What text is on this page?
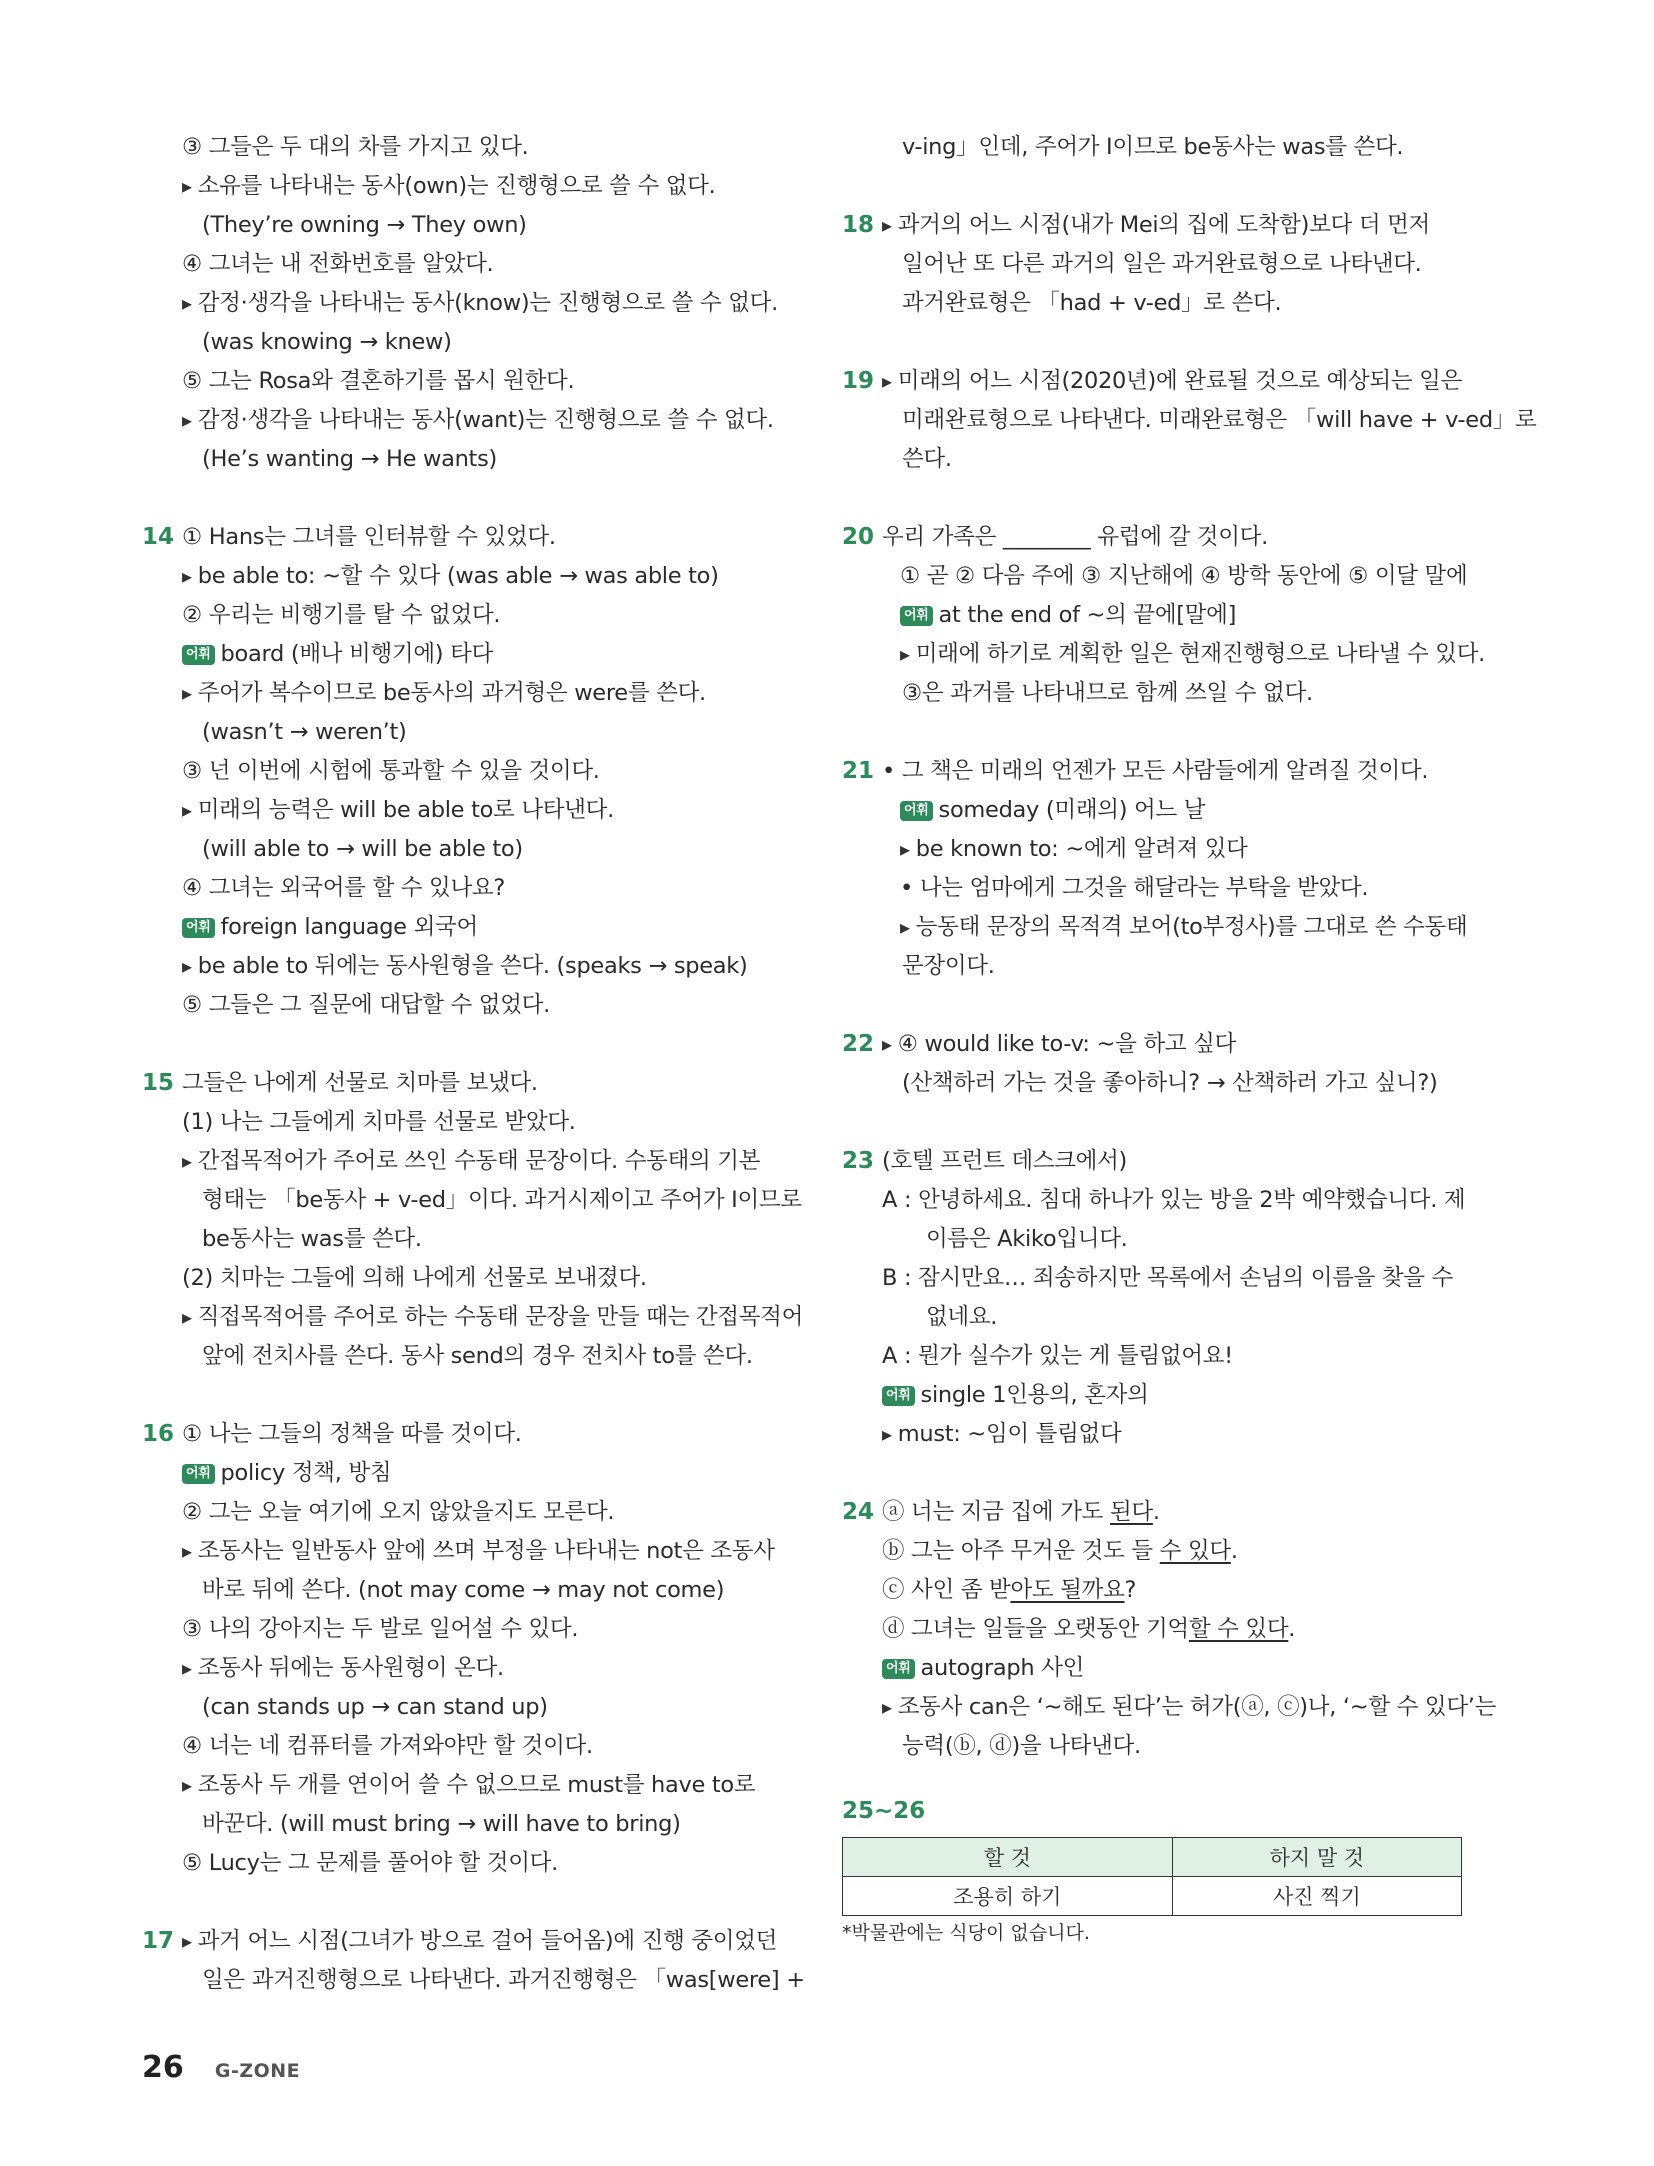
③ 그들은 두 대의 차를 가지고 있다.
▸ 소유를 나타내는 동사(own)는 진행형으로 쓸 수 없다.
(They’re owning → They own)
④ 그녀는 내 전화번호를 알았다.
▸ 감정·생각을 나타내는 동사(know)는 진행형으로 쓸 수 없다.
(was knowing → knew)
⑤ 그는 Rosa와 결혼하기를 몹시 원한다.
▸ 감정·생각을 나타내는 동사(want)는 진행형으로 쓸 수 없다.
(He’s wanting → He wants)
14 ① Hans는 그녀를 인터뷰할 수 있었다.
▸ be able to: ~할 수 있다 (was able → was able to)
② 우리는 비행기를 탈 수 없었다.
어휘 board (배나 비행기에) 타다
▸ 주어가 복수이므로 be동사의 과거형은 were를 쓴다.
(wasn’t → weren’t)
③ 넌 이번에 시험에 통과할 수 있을 것이다.
▸ 미래의 능력은 will be able to로 나타낸다.
(will able to → will be able to)
④ 그녀는 외국어를 할 수 있나요?
어휘 foreign language 외국어
▸ be able to 뒤에는 동사원형을 쓴다. (speaks → speak)
⑤ 그들은 그 질문에 대답할 수 없었다.
15 그들은 나에게 선물로 치마를 보냈다.
(1) 나는 그들에게 치마를 선물로 받았다.
▸ 간접목적어가 주어로 쓰인 수동태 문장이다. 수동태의 기본
형태는 「be동사 + v-ed」이다. 과거시제이고 주어가 I이므로
be동사는 was를 쓴다.
(2) 치마는 그들에 의해 나에게 선물로 보내졌다.
▸ 직접목적어를 주어로 하는 수동태 문장을 만들 때는 간접목적어
앞에 전치사를 쓴다. 동사 send의 경우 전치사 to를 쓴다.
16 ① 나는 그들의 정책을 따를 것이다.
어휘 policy 정책, 방침
② 그는 오늘 여기에 오지 않았을지도 모른다.
▸ 조동사는 일반동사 앞에 쓰며 부정을 나타내는 not은 조동사
바로 뒤에 쓴다. (not may come → may not come)
③ 나의 강아지는 두 발로 일어설 수 있다.
▸ 조동사 뒤에는 동사원형이 온다.
(can stands up → can stand up)
④ 너는 네 컴퓨터를 가져와야만 할 것이다.
▸ 조동사 두 개를 연이어 쓸 수 없으므로 must를 have to로
바꾼다. (will must bring → will have to bring)
⑤ Lucy는 그 문제를 풀어야 할 것이다.
17	▸ 과거 어느 시점(그녀가 방으로 걸어 들어옴)에 진행 중이었던
일은 과거진행형으로 나타낸다. 과거진행형은 「was[were] +
v-ing」인데, 주어가 I이므로 be동사는 was를 쓴다.
18	▸ 과거의 어느 시점(내가 Mei의 집에 도착함)보다 더 먼저
일어난 또 다른 과거의 일은 과거완료형으로 나타낸다.
과거완료형은 「had + v-ed」로 쓴다.
19	▸ 미래의 어느 시점(2020년)에 완료될 것으로 예상되는 일은
미래완료형으로 나타낸다. 미래완료형은 「will have + v-ed」로
쓴다.
20 우리 가족은 ________ 유럽에 갈 것이다.
① 곧 ② 다음 주에 ③ 지난해에 ④ 방학 동안에 ⑤ 이달 말에
어휘 at the end of ~의 끝에[말에]
▸ 미래에 하기로 계획한 일은 현재진행형으로 나타낼 수 있다.
③은 과거를 나타내므로 함께 쓰일 수 없다.
21 • 그 책은 미래의 언젠가 모든 사람들에게 알려질 것이다.
어휘 someday (미래의) 어느 날
▸ be known to: ~에게 알려져 있다
• 나는 엄마에게 그것을 해달라는 부탁을 받았다.
▸ 능동태 문장의 목적격 보어(to부정사)를 그대로 쓴 수동태
문장이다.
22	▸ ④ would like to-v: ~을 하고 싶다
(산책하러 가는 것을 좋아하니? → 산책하러 가고 싶니?)
23 (호텔 프런트 데스크에서)
A : 안녕하세요. 침대 하나가 있는 방을 2박 예약했습니다. 제
이름은 Akiko입니다.
B : 잠시만요… 죄송하지만 목록에서 손님의 이름을 찾을 수
없네요.
A : 뭔가 실수가 있는 게 틀림없어요!
어휘 single 1인용의, 혼자의
▸ must: ~임이 틀림없다
24 ⓐ 너는 지금 집에 가도 된다.
ⓑ 그는 아주 무거운 것도 들 수 있다.
ⓒ 사인 좀 받아도 될까요?
ⓓ 그녀는 일들을 오랫동안 기억할 수 있다.
어휘 autograph 사인
▸ 조동사 can은 ‘~해도 된다’는 허가(ⓐ, ⓒ)나, ‘~할 수 있다’는
능력(ⓑ, ⓓ)을 나타낸다.
25~26
할 것	하지 말 것
조용히 하기	사진 찍기
*박물관에는 식당이 없습니다.
26 G-ZONE
